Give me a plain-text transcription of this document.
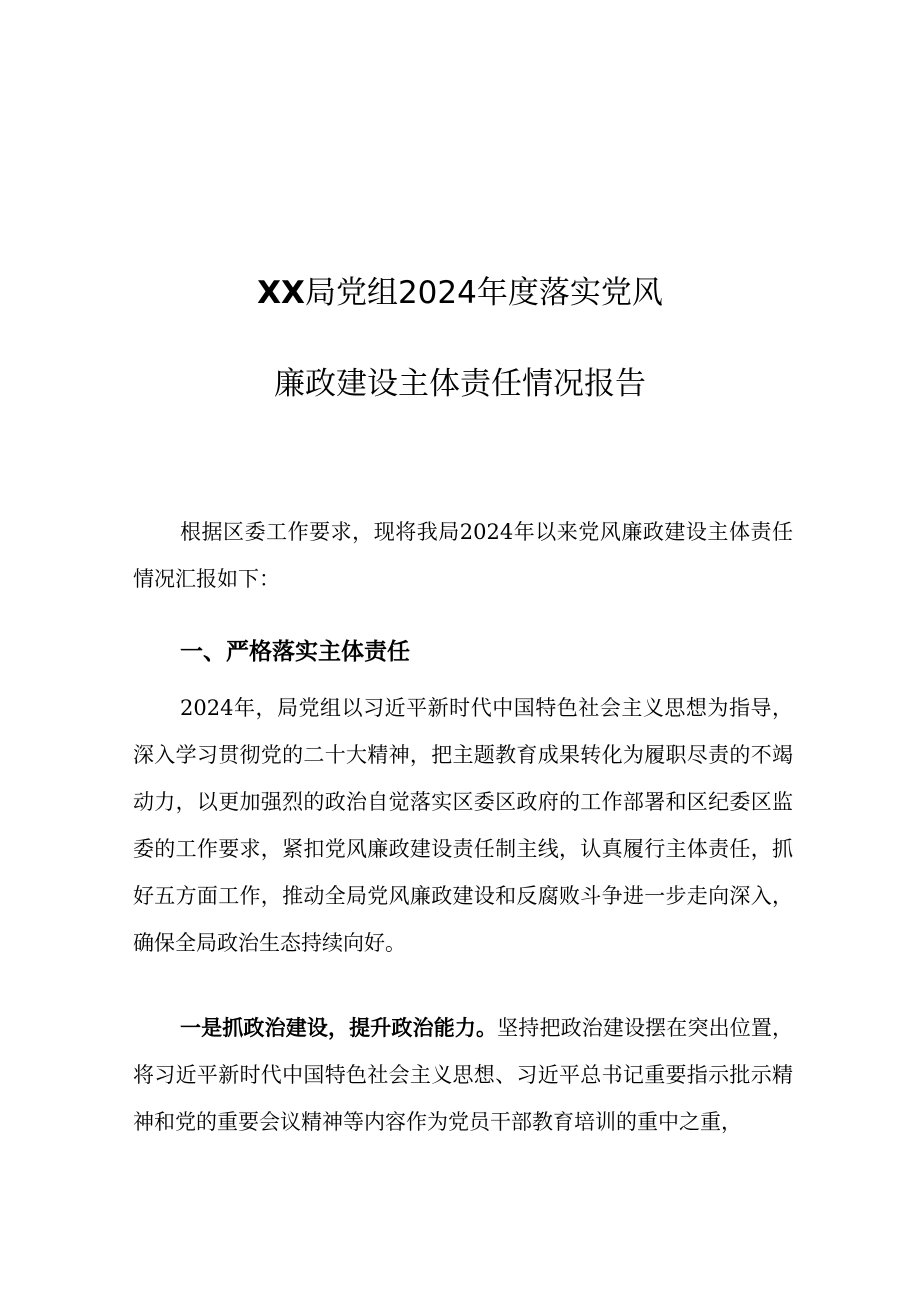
XX局党组2024年度落实党风
廉政建设主体责任情况报告

根据区委工作要求，现将我局2024年以来党风廉政建设主体责任情况汇报如下：

一、严格落实主体责任

2024年，局党组以习近平新时代中国特色社会主义思想为指导，深入学习贯彻党的二十大精神，把主题教育成果转化为履职尽责的不竭动力，以更加强烈的政治自觉落实区委区政府的工作部署和区纪委区监委的工作要求，紧扣党风廉政建设责任制主线，认真履行主体责任，抓好五方面工作，推动全局党风廉政建设和反腐败斗争进一步走向深入，确保全局政治生态持续向好。

一是抓政治建设，提升政治能力。坚持把政治建设摆在突出位置，将习近平新时代中国特色社会主义思想、习近平总书记重要指示批示精神和党的重要会议精神等内容作为党员干部教育培训的重中之重，
